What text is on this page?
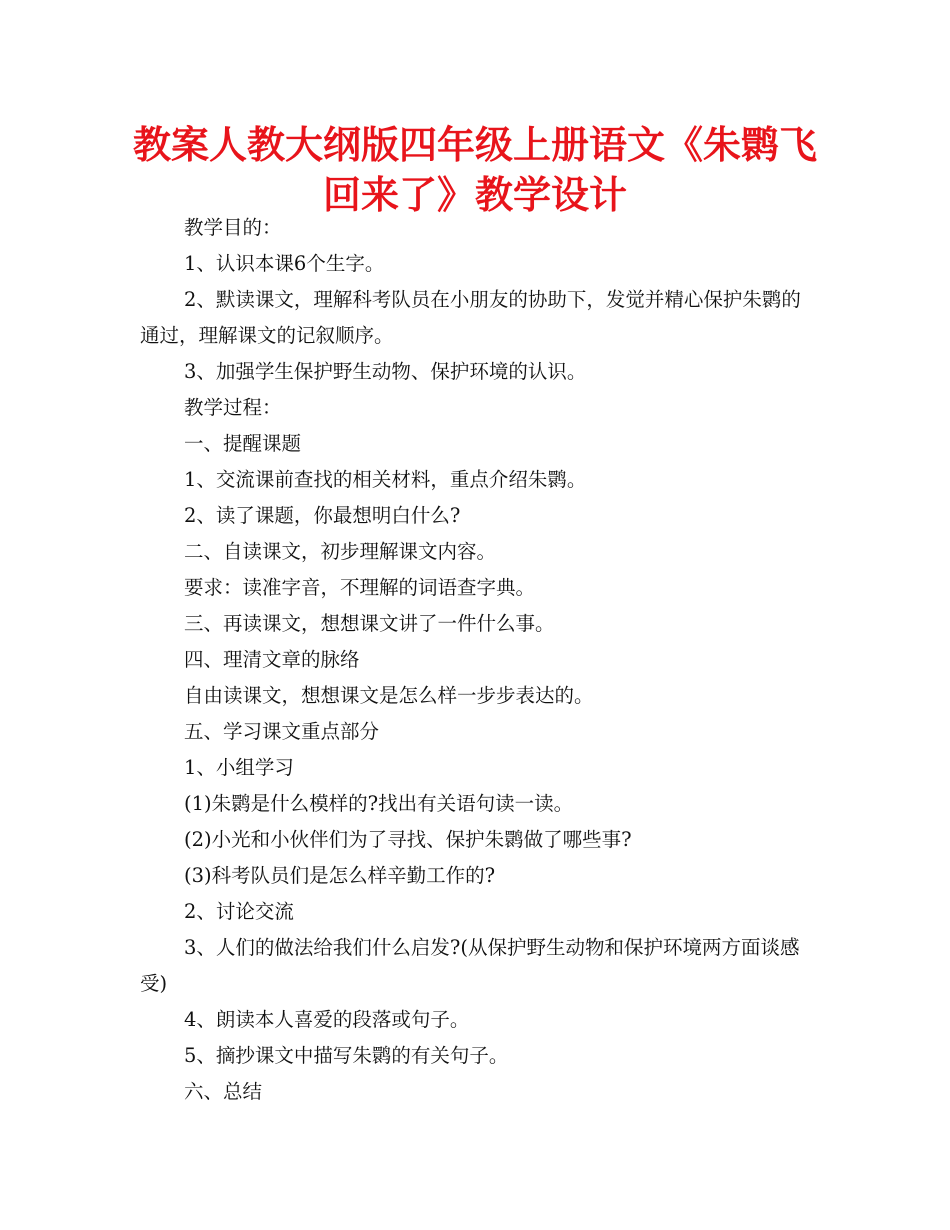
教案人教大纲版四年级上册语文《朱鹮飞回来了》教学设计

教学目的：

1、认识本课6个生字。

2、默读课文，理解科考队员在小朋友的协助下，发觉并精心保护朱鹮的通过，理解课文的记叙顺序。

3、加强学生保护野生动物、保护环境的认识。

教学过程：

一、提醒课题

1、交流课前查找的相关材料，重点介绍朱鹮。

2、读了课题，你最想明白什么?

二、自读课文，初步理解课文内容。

要求：读准字音，不理解的词语查字典。

三、再读课文，想想课文讲了一件什么事。

四、理清文章的脉络

自由读课文，想想课文是怎么样一步步表达的。

五、学习课文重点部分

1、小组学习

(1)朱鹮是什么模样的?找出有关语句读一读。

(2)小光和小伙伴们为了寻找、保护朱鹮做了哪些事?

(3)科考队员们是怎么样辛勤工作的?

2、讨论交流

3、人们的做法给我们什么启发?(从保护野生动物和保护环境两方面谈感受)

4、朗读本人喜爱的段落或句子。

5、摘抄课文中描写朱鹮的有关句子。

六、总结
